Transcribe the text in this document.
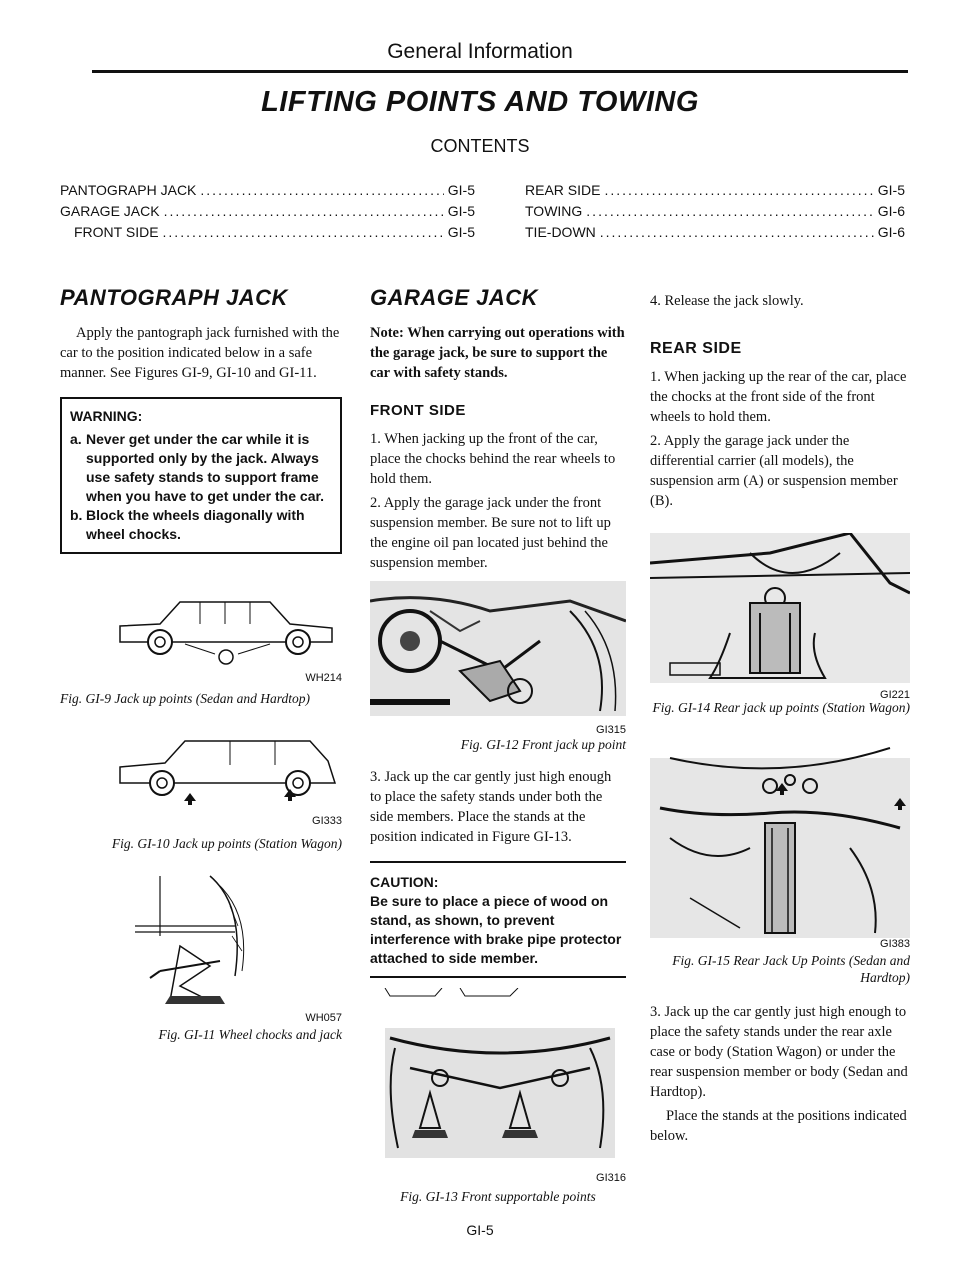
General Information
LIFTING POINTS AND TOWING
CONTENTS
PANTOGRAPH JACK .....	GI-5
GARAGE JACK .....	GI-5
FRONT SIDE .....	GI-5
REAR SIDE .....	GI-5
TOWING .....	GI-6
TIE-DOWN .....	GI-6
PANTOGRAPH JACK

Apply the pantograph jack furnished with the car to the position indicated below in a safe manner. See Figures GI-9, GI-10 and GI-11.

WARNING:
a. Never get under the car while it is supported only by the jack. Always use safety stands to support frame when you have to get under the car.
b. Block the wheels diagonally with wheel chocks.
WH214
Fig. GI-9 Jack up points (Sedan and Hardtop)
GI333
Fig. GI-10 Jack up points (Station Wagon)
WH057
Fig. GI-11 Wheel chocks and jack
GARAGE JACK
Note: When carrying out operations with the garage jack, be sure to support the car with safety stands.
FRONT SIDE

1. When jacking up the front of the car, place the chocks behind the rear wheels to hold them.

2. Apply the garage jack under the front suspension member. Be sure not to lift up the engine oil pan located just behind the suspension member.

GI315
Fig. GI-12 Front jack up point

3. Jack up the car gently just high enough to place the safety stands under both the side members. Place the stands at the position indicated in Figure GI-13.

CAUTION:
Be sure to place a piece of wood on stand, as shown, to prevent interference with brake pipe protector attached to side member.
GI316
Fig. GI-13 Front supportable points

4. Release the jack slowly.

REAR SIDE

1. When jacking up the rear of the car, place the chocks at the front side of the front wheels to hold them.

2. Apply the garage jack under the differential carrier (all models), the suspension arm (A) or suspension member (B).

GI221
Fig. GI-14 Rear jack up points (Station Wagon)
GI383
Fig. GI-15 Rear Jack Up Points (Sedan and Hardtop)

3. Jack up the car gently just high enough to place the safety stands under the rear axle case or body (Station Wagon) or under the rear suspension member or body (Sedan and Hardtop).

Place the stands at the positions indicated below.

GI-5
